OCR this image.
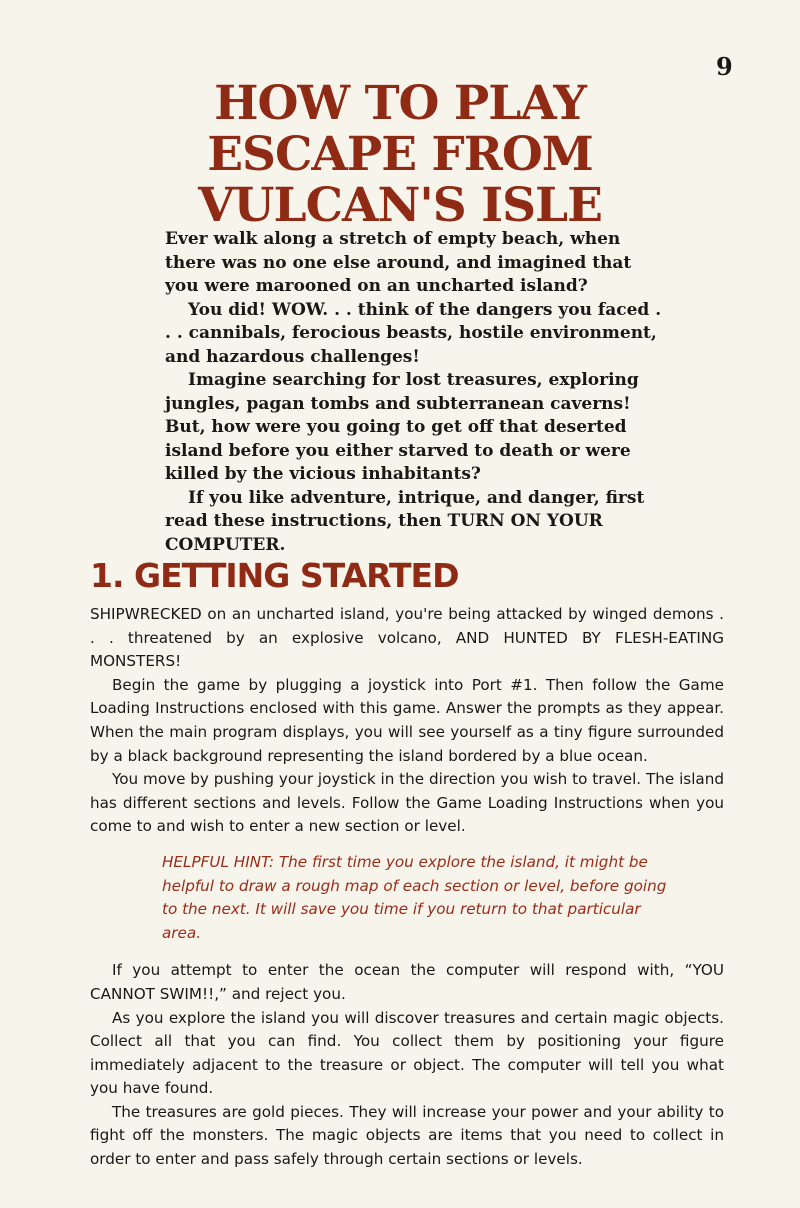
9
HOW TO PLAY
ESCAPE FROM
VULCAN'S ISLE

Ever walk along a stretch of empty beach, when there was no one else around, and imagined that you were marooned on an uncharted island?

You did! WOW. . . think of the dangers you faced . . . cannibals, ferocious beasts, hostile environment, and hazardous challenges!

Imagine searching for lost treasures, exploring jungles, pagan tombs and subterranean caverns! But, how were you going to get off that deserted island before you either starved to death or were killed by the vicious inhabitants?

If you like adventure, intrique, and danger, first read these instructions, then TURN ON YOUR COMPUTER.

1. GETTING STARTED

SHIPWRECKED on an uncharted island, you're being attacked by winged demons . . . threatened by an explosive volcano, AND HUNTED BY FLESH-EATING MONSTERS!

Begin the game by plugging a joystick into Port #1. Then follow the Game Loading Instructions enclosed with this game. Answer the prompts as they appear. When the main program displays, you will see yourself as a tiny figure surrounded by a black background representing the island bordered by a blue ocean.

You move by pushing your joystick in the direction you wish to travel. The island has different sections and levels. Follow the Game Loading Instructions when you come to and wish to enter a new section or level.

HELPFUL HINT: The first time you explore the island, it might be helpful to draw a rough map of each section or level, before going to the next. It will save you time if you return to that particular area.

If you attempt to enter the ocean the computer will respond with, “YOU CANNOT SWIM!!,” and reject you.

As you explore the island you will discover treasures and certain magic objects. Collect all that you can find. You collect them by positioning your figure immediately adjacent to the treasure or object. The computer will tell you what you have found.

The treasures are gold pieces. They will increase your power and your ability to fight off the monsters. The magic objects are items that you need to collect in order to enter and pass safely through certain sections or levels.
